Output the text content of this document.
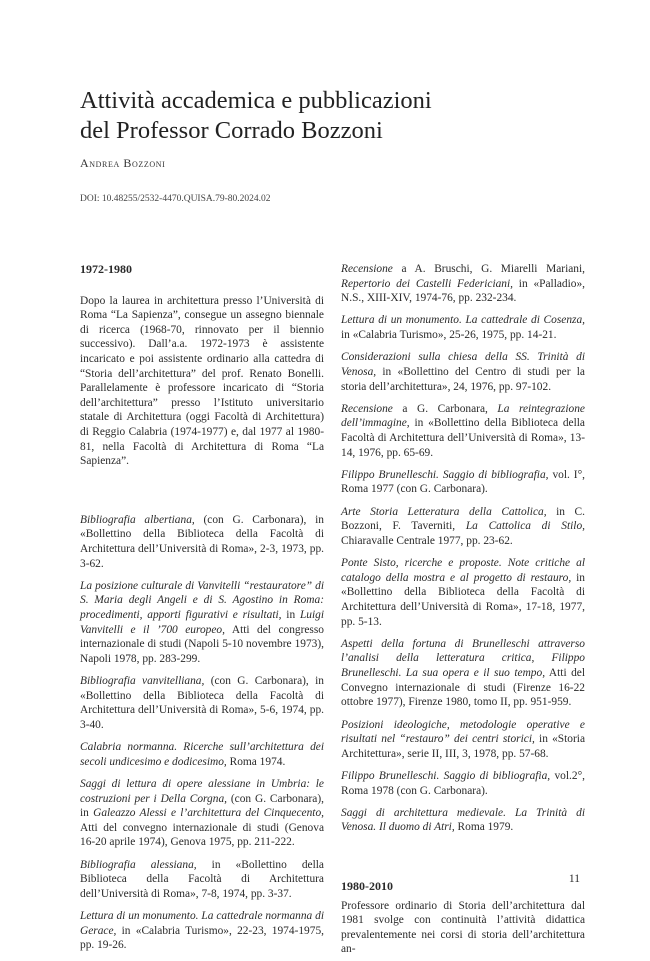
Attività accademica e pubblicazioni
del Professor Corrado Bozzoni

Andrea Bozzoni

DOI: 10.48255/2532-4470.QUISA.79-80.2024.02

1972-1980

Dopo la laurea in architettura presso l’Università di Roma “La Sapienza”, consegue un assegno biennale di ricerca (1968-70, rinnovato per il biennio successivo). Dall’a.a. 1972-1973 è assistente incaricato e poi assistente ordinario alla cattedra di “Storia dell’architettura” del prof. Renato Bonelli. Parallelamente è professore incaricato di “Storia dell’architettura” presso l’Istituto universitario statale di Architettura (oggi Facoltà di Architettura) di Reggio Calabria (1974-1977) e, dal 1977 al 1980-81, nella Facoltà di Architettura di Roma “La Sapienza”.

Bibliografia albertiana, (con G. Carbonara), in «Bollettino della Biblioteca della Facoltà di Architettura dell’Università di Roma», 2-3, 1973, pp. 3-62.

La posizione culturale di Vanvitelli “restauratore” di S. Maria degli Angeli e di S. Agostino in Roma: procedimenti, apporti figurativi e risultati, in Luigi Vanvitelli e il ’700 europeo, Atti del congresso internazionale di studi (Napoli 5-10 novembre 1973), Napoli 1978, pp. 283-299.

Bibliografia vanvitelliana, (con G. Carbonara), in «Bollettino della Biblioteca della Facoltà di Architettura dell’Università di Roma», 5-6, 1974, pp. 3-40.

Calabria normanna. Ricerche sull’architettura dei secoli undicesimo e dodicesimo, Roma 1974.

Saggi di lettura di opere alessiane in Umbria: le costruzioni per i Della Corgna, (con G. Carbonara), in Galeazzo Alessi e l’architettura del Cinquecento, Atti del convegno internazionale di studi (Genova 16-20 aprile 1974), Genova 1975, pp. 211-222.

Bibliografia alessiana, in «Bollettino della Biblioteca della Facoltà di Architettura dell’Università di Roma», 7-8, 1974, pp. 3-37.

Lettura di un monumento. La cattedrale normanna di Gerace, in «Calabria Turismo», 22-23, 1974-1975, pp. 19-26.

Recensione a A. Bruschi, G. Miarelli Mariani, Repertorio dei Castelli Federiciani, in «Palladio», N.S., XIII-XIV, 1974-76, pp. 232-234.

Lettura di un monumento. La cattedrale di Cosenza, in «Calabria Turismo», 25-26, 1975, pp. 14-21.

Considerazioni sulla chiesa della SS. Trinità di Venosa, in «Bollettino del Centro di studi per la storia dell’architettura», 24, 1976, pp. 97-102.

Recensione a G. Carbonara, La reintegrazione dell’immagine, in «Bollettino della Biblioteca della Facoltà di Architettura dell’Università di Roma», 13-14, 1976, pp. 65-69.

Filippo Brunelleschi. Saggio di bibliografia, vol. I°, Roma 1977 (con G. Carbonara).

Arte Storia Letteratura della Cattolica, in C. Bozzoni, F. Taverniti, La Cattolica di Stilo, Chiaravalle Centrale 1977, pp. 23-62.

Ponte Sisto, ricerche e proposte. Note critiche al catalogo della mostra e al progetto di restauro, in «Bollettino della Biblioteca della Facoltà di Architettura dell’Università di Roma», 17-18, 1977, pp. 5-13.

Aspetti della fortuna di Brunelleschi attraverso l’analisi della letteratura critica, Filippo Brunelleschi. La sua opera e il suo tempo, Atti del Convegno internazionale di studi (Firenze 16-22 ottobre 1977), Firenze 1980, tomo II, pp. 951-959.

Posizioni ideologiche, metodologie operative e risultati nel “restauro” dei centri storici, in «Storia Architettura», serie II, III, 3, 1978, pp. 57-68.

Filippo Brunelleschi. Saggio di bibliografia, vol.2°, Roma 1978 (con G. Carbonara).

Saggi di architettura medievale. La Trinità di Venosa. Il duomo di Atri, Roma 1979.

1980-2010

Professore ordinario di Storia dell’architettura dal 1981 svolge con continuità l’attività didattica prevalentemente nei corsi di storia dell’architettura an-

11
